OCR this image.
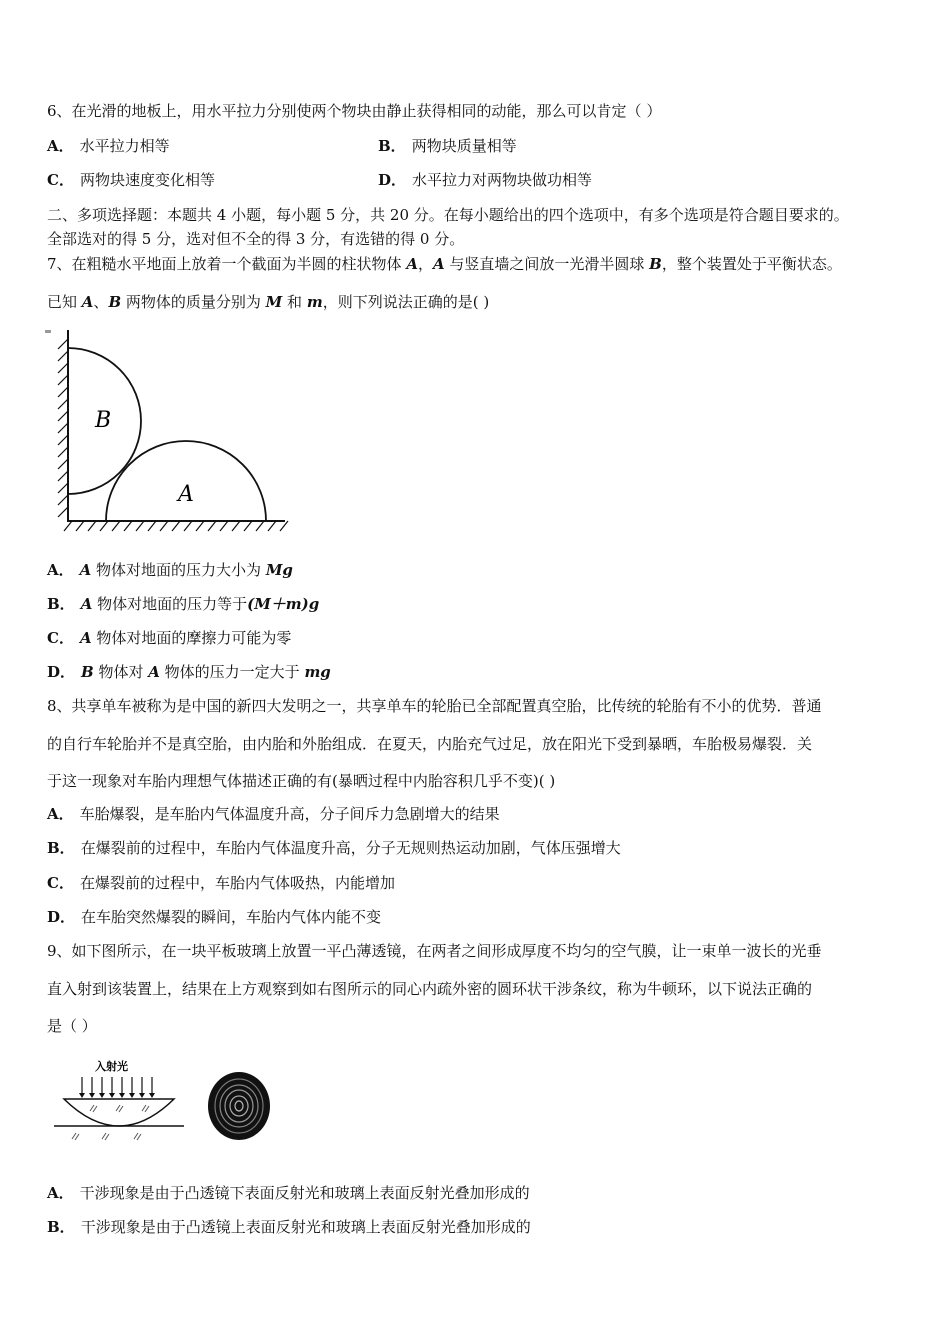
6、在光滑的地板上，用水平拉力分别使两个物块由静止获得相同的动能，那么可以肯定（ ）
A． 水平拉力相等	B． 两物块质量相等
C． 两物块速度变化相等	D． 水平拉力对两物块做功相等
二、多项选择题：本题共 4 小题，每小题 5 分，共 20 分。在每小题给出的四个选项中，有多个选项是符合题目要求的。
全部选对的得 5 分，选对但不全的得 3 分，有选错的得 0 分。
7、在粗糙水平地面上放着一个截面为半圆的柱状物体 A，A 与竖直墙之间放一光滑半圆球 B，整个装置处于平衡状态。
已知 A、B 两物体的质量分别为 M 和 m，则下列说法正确的是( )
B
A
A． A 物体对地面的压力大小为 Mg
B． A 物体对地面的压力等于(M＋m)g
C． A 物体对地面的摩擦力可能为零
D． B 物体对 A 物体的压力一定大于 mg
8、共享单车被称为是中国的新四大发明之一，共享单车的轮胎已全部配置真空胎，比传统的轮胎有不小的优势．普通
的自行车轮胎并不是真空胎，由内胎和外胎组成．在夏天，内胎充气过足，放在阳光下受到暴晒，车胎极易爆裂．关
于这一现象对车胎内理想气体描述正确的有(暴晒过程中内胎容积几乎不变)( )
A． 车胎爆裂，是车胎内气体温度升高，分子间斥力急剧增大的结果
B． 在爆裂前的过程中，车胎内气体温度升高，分子无规则热运动加剧，气体压强增大
C． 在爆裂前的过程中，车胎内气体吸热，内能增加
D． 在车胎突然爆裂的瞬间，车胎内气体内能不变
9、如下图所示，在一块平板玻璃上放置一平凸薄透镜，在两者之间形成厚度不均匀的空气膜，让一束单一波长的光垂
直入射到该装置上，结果在上方观察到如右图所示的同心内疏外密的圆环状干涉条纹，称为牛顿环，以下说法正确的
是（ ）
入射光
A． 干涉现象是由于凸透镜下表面反射光和玻璃上表面反射光叠加形成的
B． 干涉现象是由于凸透镜上表面反射光和玻璃上表面反射光叠加形成的
